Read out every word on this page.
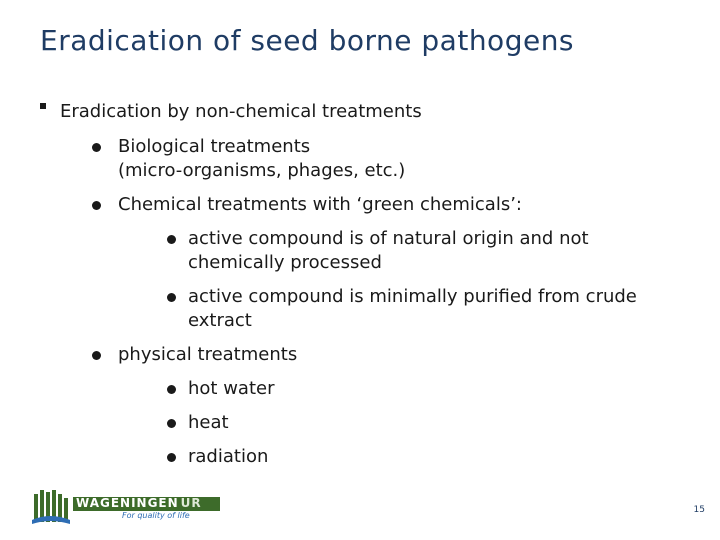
Eradication of seed borne pathogens
Eradication by non-chemical treatments
Biological treatments
(micro-organisms, phages, etc.)
Chemical treatments with ‘green chemicals’:
active compound is of natural origin and not
chemically processed
active compound is minimally purified from crude
extract
physical treatments
hot water
heat
radiation
WAGENINGEN UR
For quality of life
15
